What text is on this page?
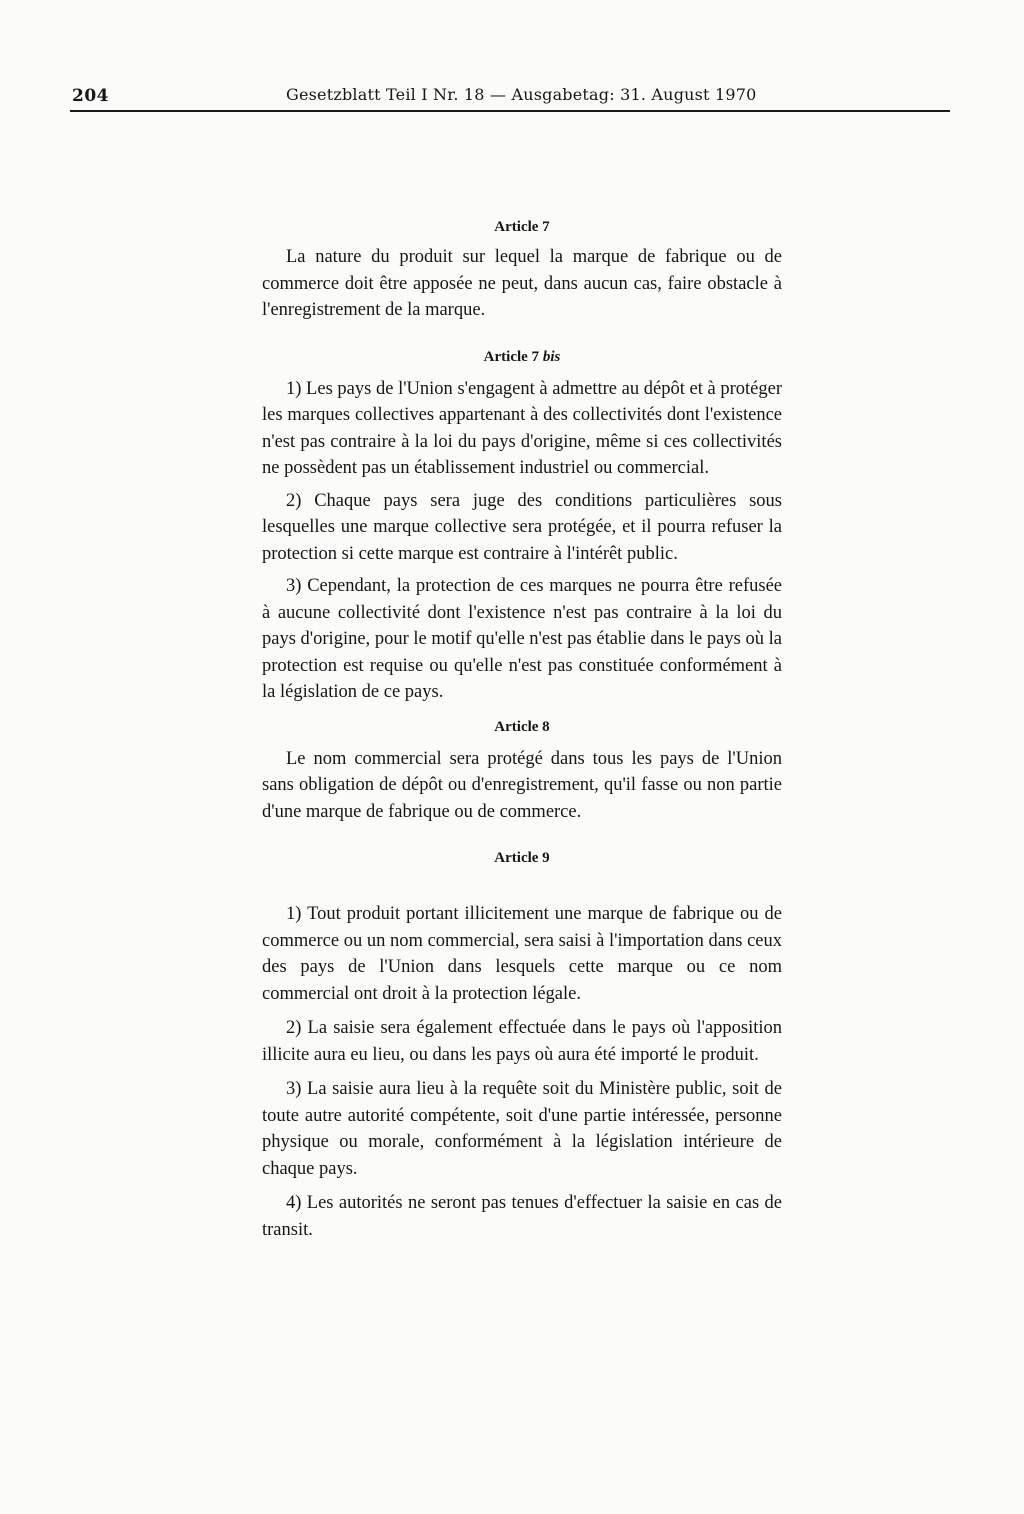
204	Gesetzblatt Teil I Nr. 18 — Ausgabetag: 31. August 1970
Article 7

La nature du produit sur lequel la marque de fabrique ou de commerce doit être apposée ne peut, dans aucun cas, faire obstacle à l'enregistrement de la marque.

Article 7 bis

1) Les pays de l'Union s'engagent à admettre au dépôt et à protéger les marques collectives appartenant à des collectivités dont l'existence n'est pas contraire à la loi du pays d'origine, même si ces collectivités ne possèdent pas un établissement industriel ou commercial.

2) Chaque pays sera juge des conditions particulières sous lesquelles une marque collective sera protégée, et il pourra refuser la protection si cette marque est contraire à l'intérêt public.

3) Cependant, la protection de ces marques ne pourra être refusée à aucune collectivité dont l'existence n'est pas contraire à la loi du pays d'origine, pour le motif qu'elle n'est pas établie dans le pays où la protection est requise ou qu'elle n'est pas constituée conformément à la législation de ce pays.

Article 8

Le nom commercial sera protégé dans tous les pays de l'Union sans obligation de dépôt ou d'enregistrement, qu'il fasse ou non partie d'une marque de fabrique ou de commerce.

Article 9

1) Tout produit portant illicitement une marque de fabrique ou de commerce ou un nom commercial, sera saisi à l'importation dans ceux des pays de l'Union dans lesquels cette marque ou ce nom commercial ont droit à la protection légale.

2) La saisie sera également effectuée dans le pays où l'apposition illicite aura eu lieu, ou dans les pays où aura été importé le produit.

3) La saisie aura lieu à la requête soit du Ministère public, soit de toute autre autorité compétente, soit d'une partie intéressée, personne physique ou morale, conformément à la législation intérieure de chaque pays.

4) Les autorités ne seront pas tenues d'effectuer la saisie en cas de transit.
